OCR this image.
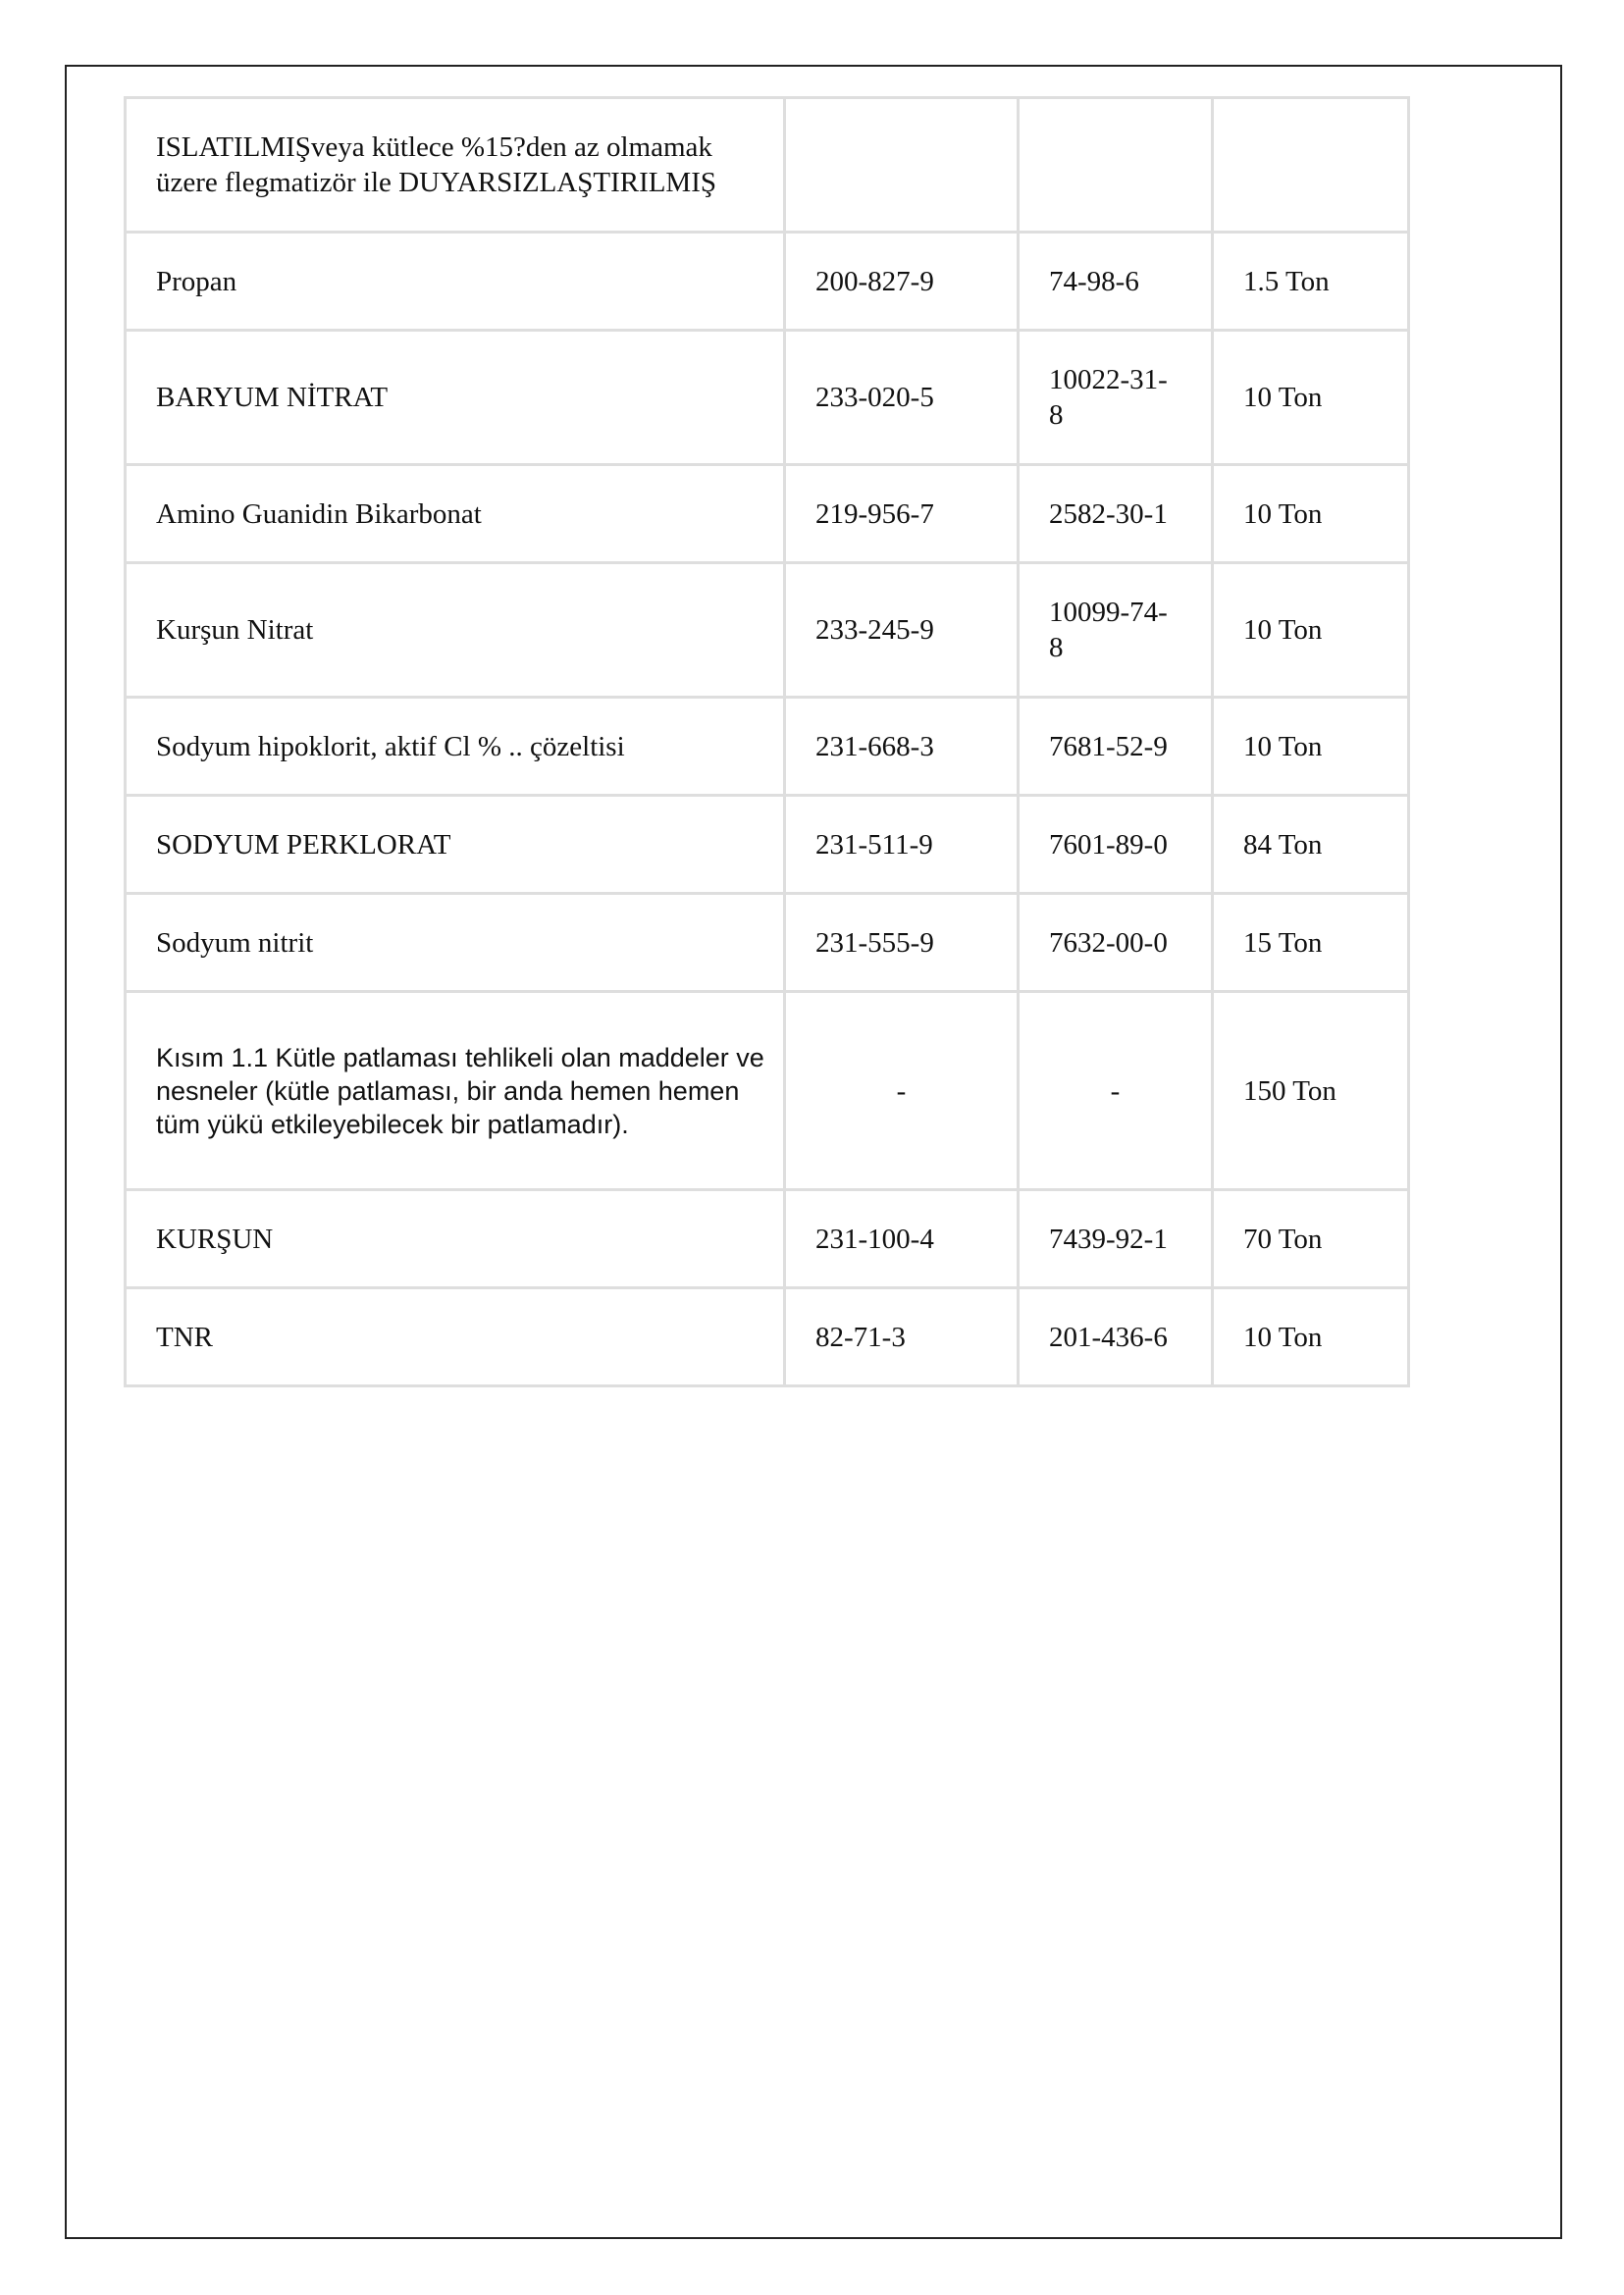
ISLATILMIŞveya kütlece %15?den az olmamak üzere flegmatizör ile DUYARSIZLAŞTIRILMIŞ			

Propan	200-827-9	74-98-6	1.5 Ton

BARYUM NİTRAT	233-020-5	10022-31-8	10 Ton

Amino Guanidin Bikarbonat	219-956-7	2582-30-1	10 Ton

Kurşun Nitrat	233-245-9	10099-74-8	10 Ton

Sodyum hipoklorit, aktif Cl % .. çözeltisi	231-668-3	7681-52-9	10 Ton

SODYUM PERKLORAT	231-511-9	7601-89-0	84 Ton

Sodyum nitrit	231-555-9	7632-00-0	15 Ton

Kısım 1.1 Kütle patlaması tehlikeli olan maddeler ve nesneler (kütle patlaması, bir anda hemen hemen tüm yükü etkileyebilecek bir patlamadır).	-	-	150 Ton

KURŞUN	231-100-4	7439-92-1	70 Ton

TNR	82-71-3	201-436-6	10 Ton
